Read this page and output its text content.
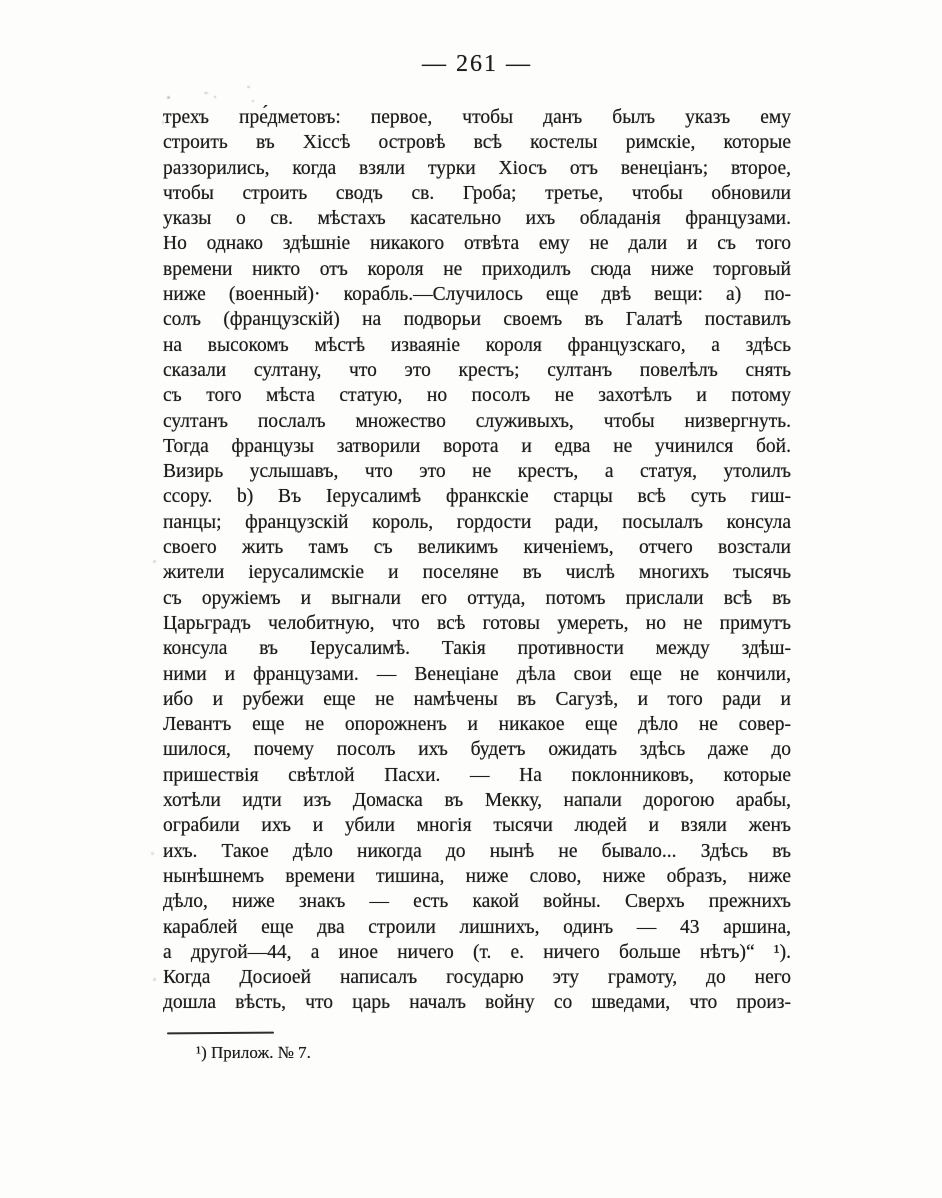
— 261 —
трехъ пре́дметовъ: первое, чтобы данъ былъ указъ ему
строить въ Хіссѣ островѣ всѣ костелы римскіе, которые
раззорились, когда взяли турки Хіосъ отъ венеціанъ; второе,
чтобы строить сводъ св. Гроба; третье, чтобы обновили
указы о св. мѣстахъ касательно ихъ обладанія французами.
Но однако здѣшніе никакого отвѣта ему не дали и съ того
времени никто отъ короля не приходилъ сюда ниже торговый
ниже (военный)· корабль.—Случилось еще двѣ вещи: а) по-
солъ (французскій) на подворьи своемъ въ Галатѣ поставилъ
на высокомъ мѣстѣ изваяніе короля французскаго, а здѣсь
сказали султану, что это крестъ; султанъ повелѣлъ снять
съ того мѣста статую, но посолъ не захотѣлъ и потому
султанъ послалъ множество служивыхъ, чтобы низвергнуть.
Тогда французы затворили ворота и едва не учинился бой.
Визирь услышавъ, что это не крестъ, а статуя, утолилъ
ссору. b) Въ Іерусалимѣ франкскіе старцы всѣ суть гиш-
панцы; французскій король, гордости ради, посылалъ консула
своего жить тамъ съ великимъ киченіемъ, отчего возстали
жители іерусалимскіе и поселяне въ числѣ многихъ тысячь
съ оружіемъ и выгнали его оттуда, потомъ прислали всѣ въ
Царьградъ челобитную, что всѣ готовы умереть, но не примутъ
консула въ Іерусалимѣ. Такія противности между здѣш-
ними и французами. — Венеціане дѣла свои еще не кончили,
ибо и рубежи еще не намѣчены въ Сагузѣ, и того ради и
Левантъ еще не опорожненъ и никакое еще дѣло не совер-
шилося, почему посолъ ихъ будетъ ожидать здѣсь даже до
пришествія свѣтлой Пасхи. — На поклонниковъ, которые
хотѣли идти изъ Домаска въ Мекку, напали дорогою арабы,
ограбили ихъ и убили многія тысячи людей и взяли женъ
ихъ. Такое дѣло никогда до нынѣ не бывало... Здѣсь въ
нынѣшнемъ времени тишина, ниже слово, ниже образъ, ниже
дѣло, ниже знакъ — есть какой войны. Сверхъ прежнихъ
караблей еще два строили лишнихъ, одинъ — 43 аршина,
а другой—44, а иное ничего (т. е. ничего больше нѣтъ)“ ¹).
Когда Досиоей написалъ государю эту грамоту, до него
дошла вѣсть, что царь началъ войну со шведами, что произ-
¹) Прилож. № 7.
